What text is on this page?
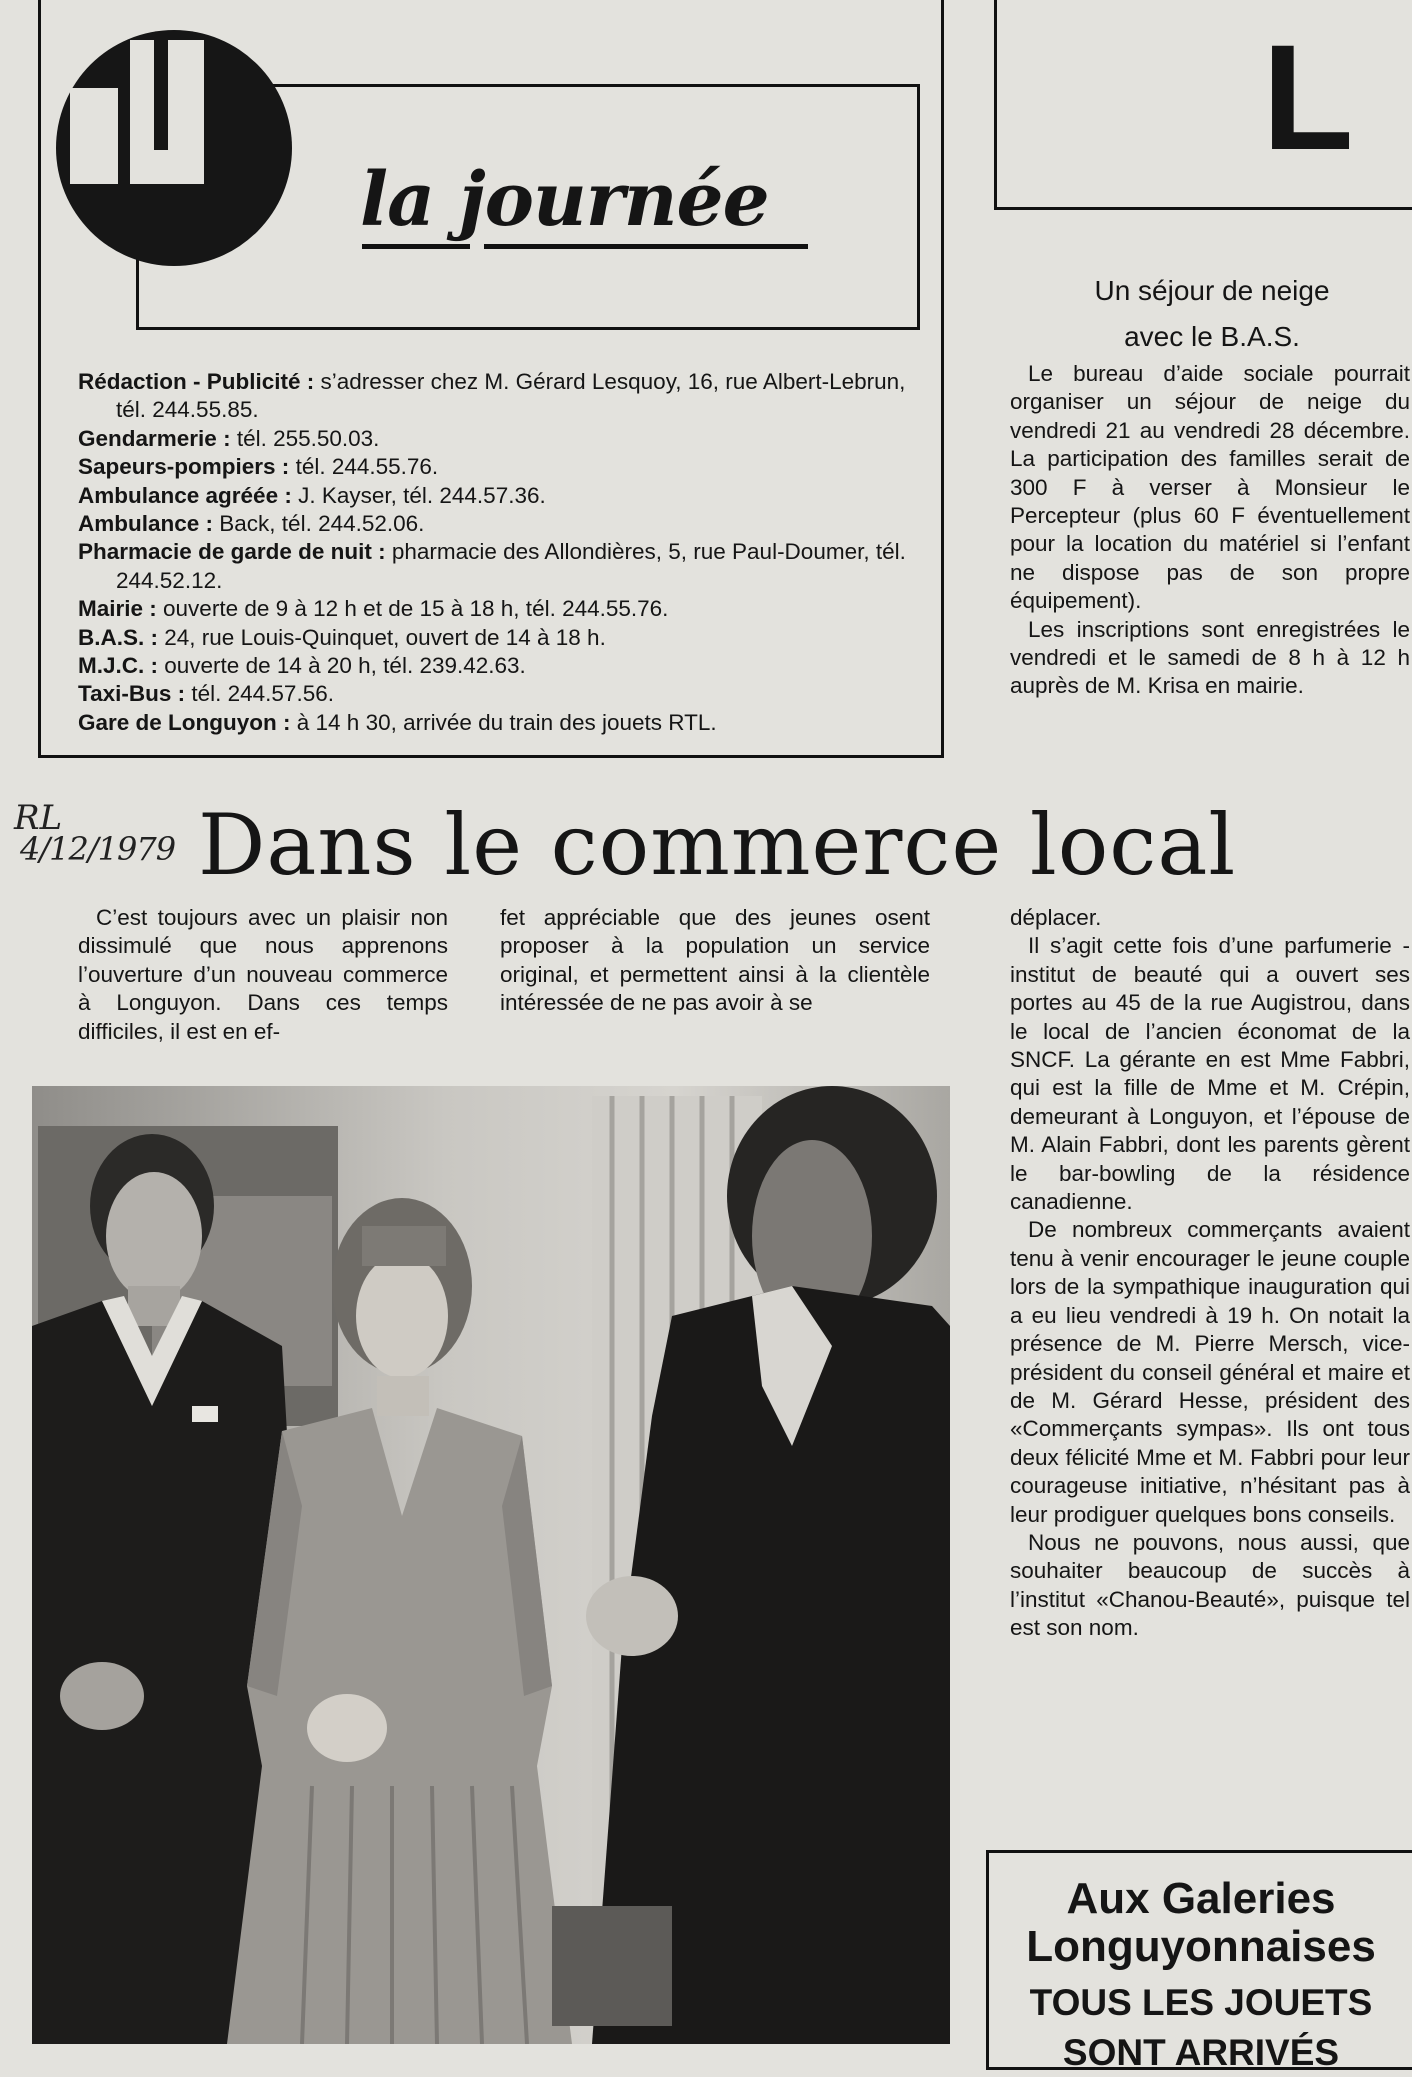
la journée

Rédaction - Publicité : s’adresser chez M. Gérard Lesquoy, 16, rue Albert-Lebrun, tél. 244.55.85.

Gendarmerie : tél. 255.50.03.

Sapeurs-pompiers : tél. 244.55.76.

Ambulance agréée : J. Kayser, tél. 244.57.36.

Ambulance : Back, tél. 244.52.06.

Pharmacie de garde de nuit : pharmacie des Allondières, 5, rue Paul-Doumer, tél. 244.52.12.

Mairie : ouverte de 9 à 12 h et de 15 à 18 h, tél. 244.55.76.

B.A.S. : 24, rue Louis-Quinquet, ouvert de 14 à 18 h.

M.J.C. : ouverte de 14 à 20 h, tél. 239.42.63.

Taxi-Bus : tél. 244.57.56.

Gare de Longuyon : à 14 h 30, arrivée du train des jouets RTL.

L
Un séjour de neige
avec le B.A.S.

Le bureau d’aide sociale pourrait organiser un séjour de neige du vendredi 21 au vendredi 28 décembre. La participation des familles serait de 300 F à verser à Monsieur le Percepteur (plus 60 F éventuellement pour la location du matériel si l’enfant ne dispose pas de son propre équipement).

Les inscriptions sont enregistrées le vendredi et le samedi de 8 h à 12 h auprès de M. Krisa en mairie.

RL
4/12/1979 Dans le commerce local

C’est toujours avec un plaisir non dissimulé que nous apprenons l’ouverture d’un nouveau commerce à Longuyon. Dans ces temps difficiles, il est en ef-

fet appréciable que des jeunes osent proposer à la population un service original, et permettent ainsi à la clientèle intéressée de ne pas avoir à se

déplacer.

Il s’agit cette fois d’une parfumerie - institut de beauté qui a ouvert ses portes au 45 de la rue Augistrou, dans le local de l’ancien économat de la SNCF. La gérante en est Mme Fabbri, qui est la fille de Mme et M. Crépin, demeurant à Longuyon, et l’épouse de M. Alain Fabbri, dont les parents gèrent le bar-bowling de la résidence canadienne.

De nombreux commerçants avaient tenu à venir encourager le jeune couple lors de la sympathique inauguration qui a eu lieu vendredi à 19 h. On notait la présence de M. Pierre Mersch, vice-président du conseil général et maire et de M. Gérard Hesse, président des «Commerçants sympas». Ils ont tous deux félicité Mme et M. Fabbri pour leur courageuse initiative, n’hésitant pas à leur prodiguer quelques bons conseils.

Nous ne pouvons, nous aussi, que souhaiter beaucoup de succès à l’institut «Chanou-Beauté», puisque tel est son nom.

Aux Galeries
Longuyonnaises
TOUS LES JOUETS
SONT ARRIVÉS
